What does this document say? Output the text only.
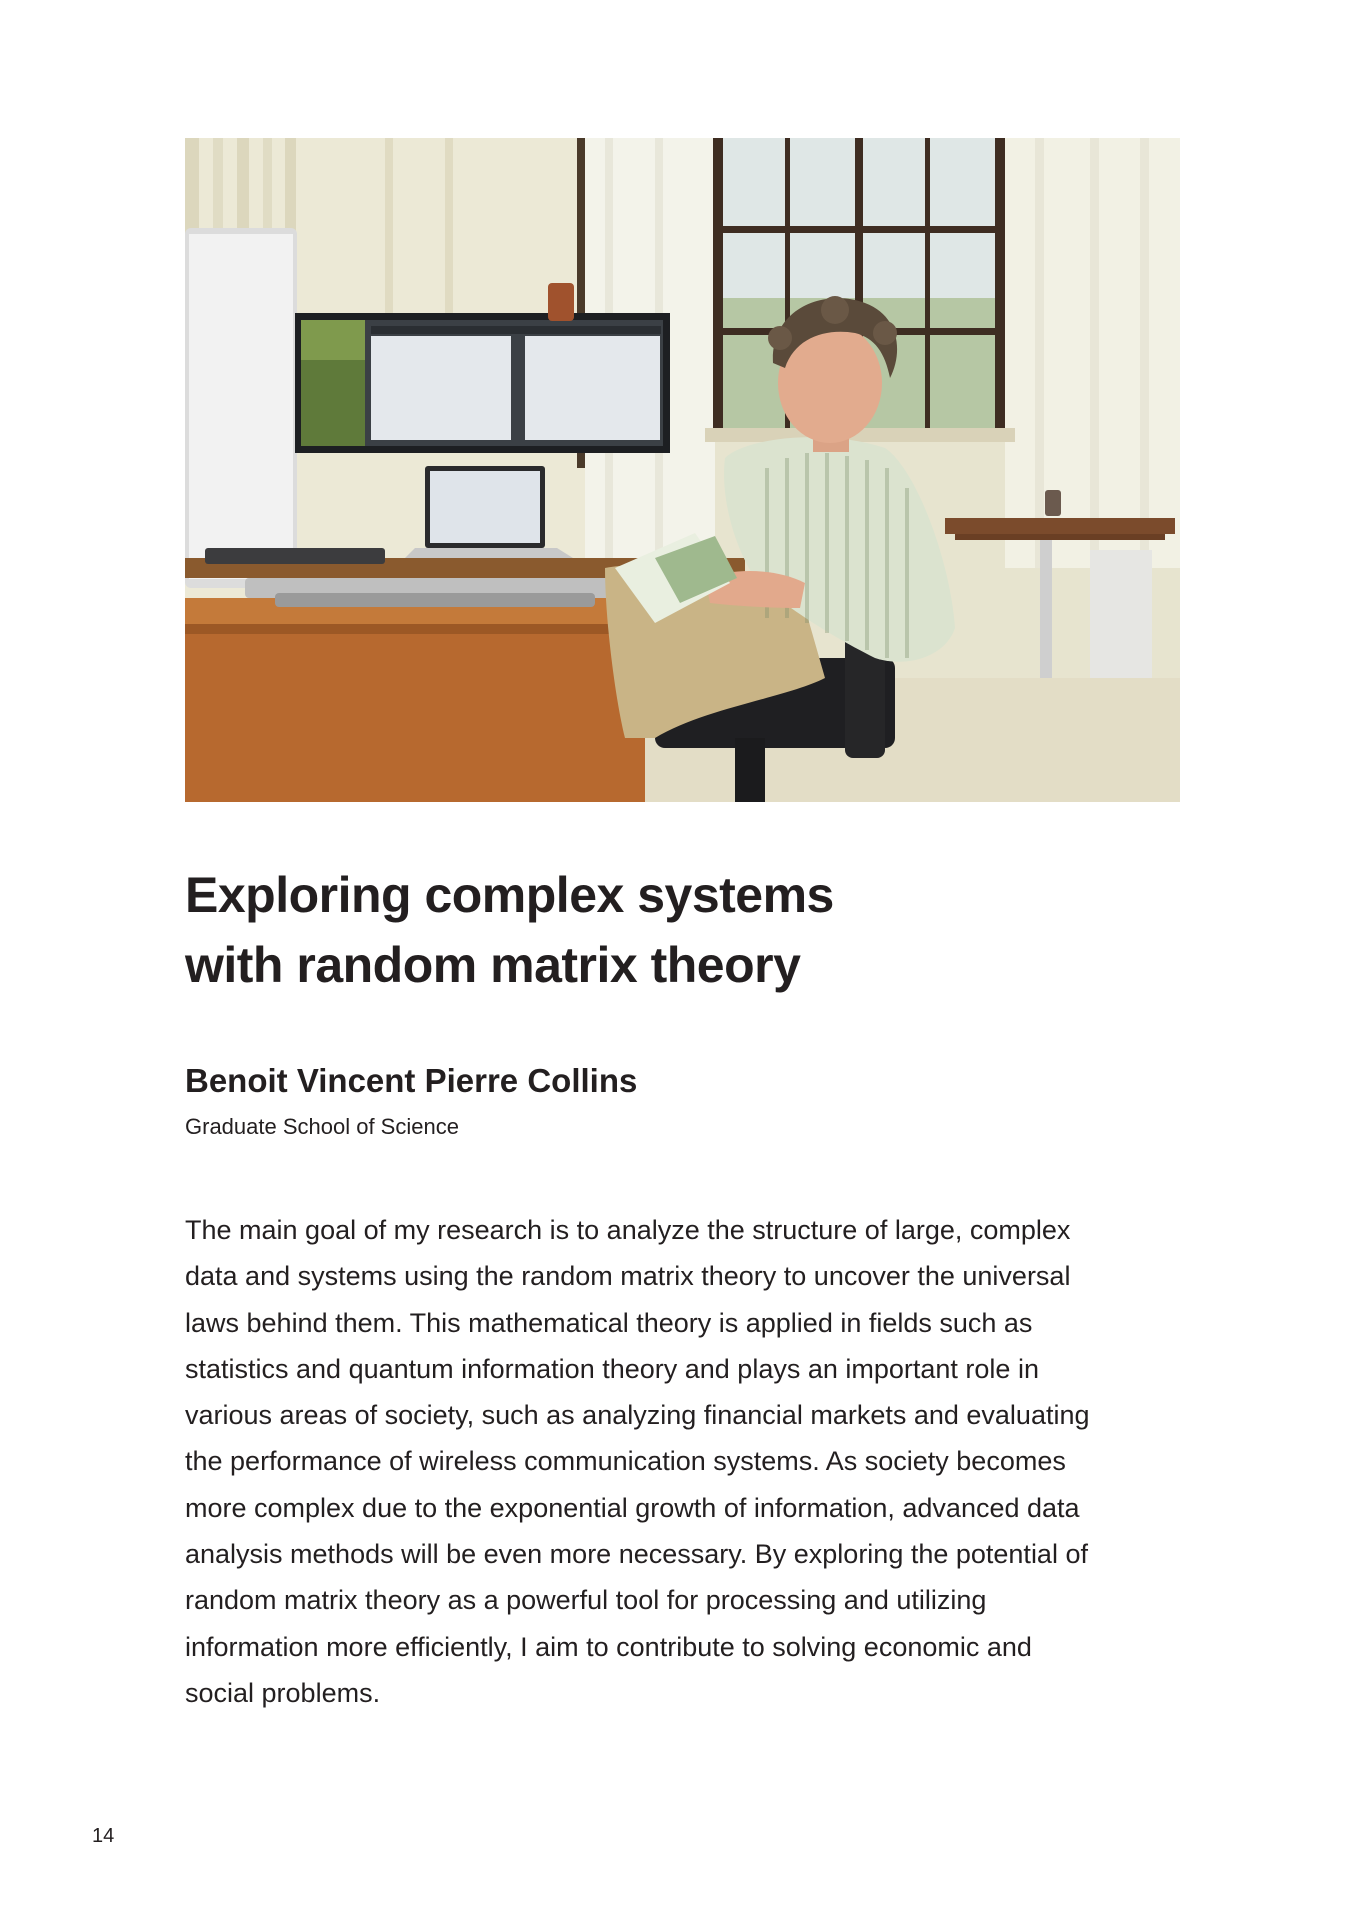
Exploring complex systems
with random matrix theory

Benoit Vincent Pierre Collins

Graduate School of Science

The main goal of my research is to analyze the structure of large, complex
data and systems using the random matrix theory to uncover the universal
laws behind them. This mathematical theory is applied in fields such as
statistics and quantum information theory and plays an important role in
various areas of society, such as analyzing financial markets and evaluating
the performance of wireless communication systems. As society becomes
more complex due to the exponential growth of information, advanced data
analysis methods will be even more necessary. By exploring the potential of
random matrix theory as a powerful tool for processing and utilizing
information more efficiently, I aim to contribute to solving economic and
social problems.

14
